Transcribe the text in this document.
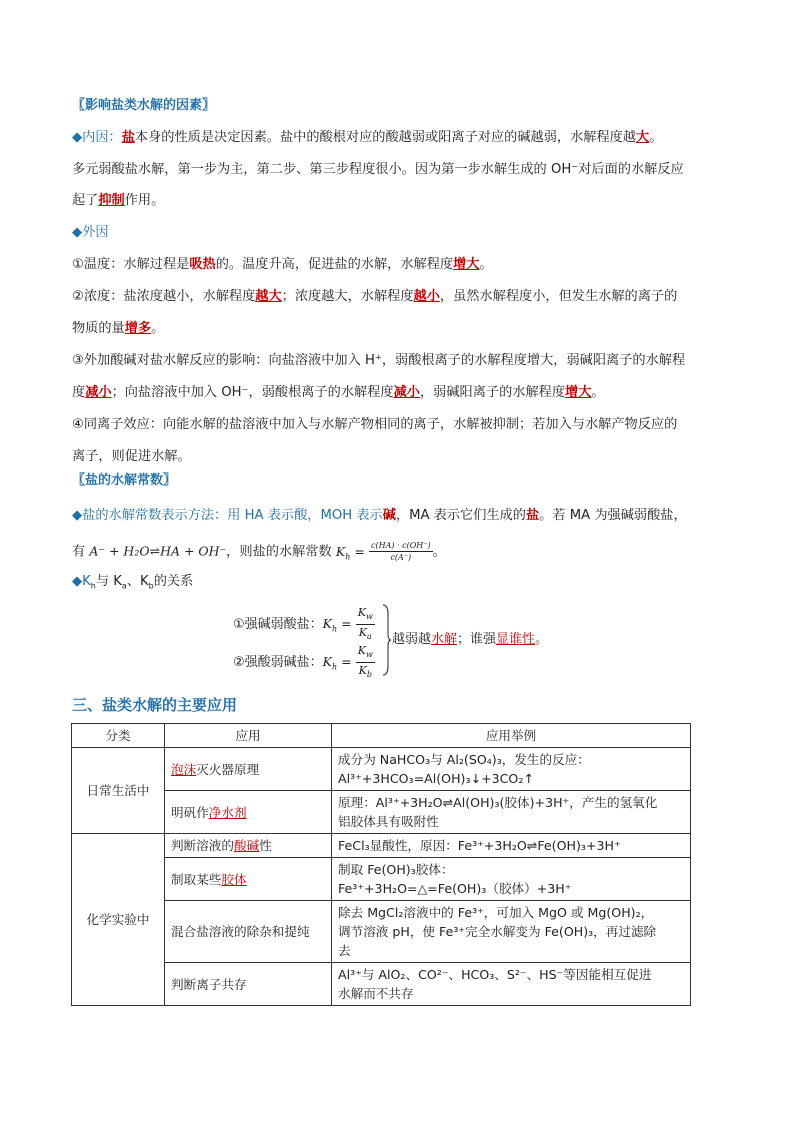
〖影响盐类水解的因素〗
◆内因：盐本身的性质是决定因素。盐中的酸根对应的酸越弱或阳离子对应的碱越弱，水解程度越大。
多元弱酸盐水解，第一步为主，第二步、第三步程度很小。因为第一步水解生成的 OH⁻对后面的水解反应
起了抑制作用。
◆外因
①温度：水解过程是吸热的。温度升高，促进盐的水解，水解程度增大。
②浓度：盐浓度越小，水解程度越大；浓度越大，水解程度越小，虽然水解程度小，但发生水解的离子的
物质的量增多。
③外加酸碱对盐水解反应的影响：向盐溶液中加入 H⁺，弱酸根离子的水解程度增大，弱碱阳离子的水解程
度减小；向盐溶液中加入 OH⁻，弱酸根离子的水解程度减小，弱碱阳离子的水解程度增大。
④同离子效应：向能水解的盐溶液中加入与水解产物相同的离子，水解被抑制；若加入与水解产物反应的
离子，则促进水解。
〖盐的水解常数〗
◆盐的水解常数表示方法：用 HA 表示酸，MOH 表示碱，MA 表示它们生成的盐。若 MA 为强碱弱酸盐，
有 A⁻ + H₂O⇌HA + OH⁻，则盐的水解常数 $K_h = \frac{c(HA) \cdot c(OH^-)}{c(A^-)}$ 。
$◆K_h$与 $K_a$、$K_b$的关系
①强碱弱酸盐：$K_h = \frac{K_w}{K_a}$
②强酸弱碱盐：$K_h = \frac{K_w}{K_b}$
越弱越水解；谁强显谁性。
三、盐类水解的主要应用
分类	应用	应用举例
日常生活中	泡沫灭火器原理	成分为 NaHCO₃与 Al₂(SO₄)₃，发生的反应：
Al³⁺+3HCO₃=Al(OH)₃↓+3CO₂↑

	明矾作净水剂	原理：Al³⁺+3H₂O⇌Al(OH)₃(胶体)+3H⁺，产生的氢氧化
铝胶体具有吸附性

化学实验中	判断溶液的酸碱性	FeCl₃显酸性，原因：Fe³⁺+3H₂O⇌Fe(OH)₃+3H⁺
	制取某些胶体	制取 Fe(OH)₃胶体：
Fe³⁺+3H₂O=△=Fe(OH)₃（胶体）+3H⁺

	混合盐溶液的除杂和提纯	除去 MgCl₂溶液中的 Fe³⁺，可加入 MgO 或 Mg(OH)₂，
调节溶液 pH，使 Fe³⁺完全水解变为 Fe(OH)₃，再过滤除
去

	判断离子共存	Al³⁺与 AlO₂、CO²⁻、HCO₃、S²⁻、HS⁻等因能相互促进
水解而不共存
